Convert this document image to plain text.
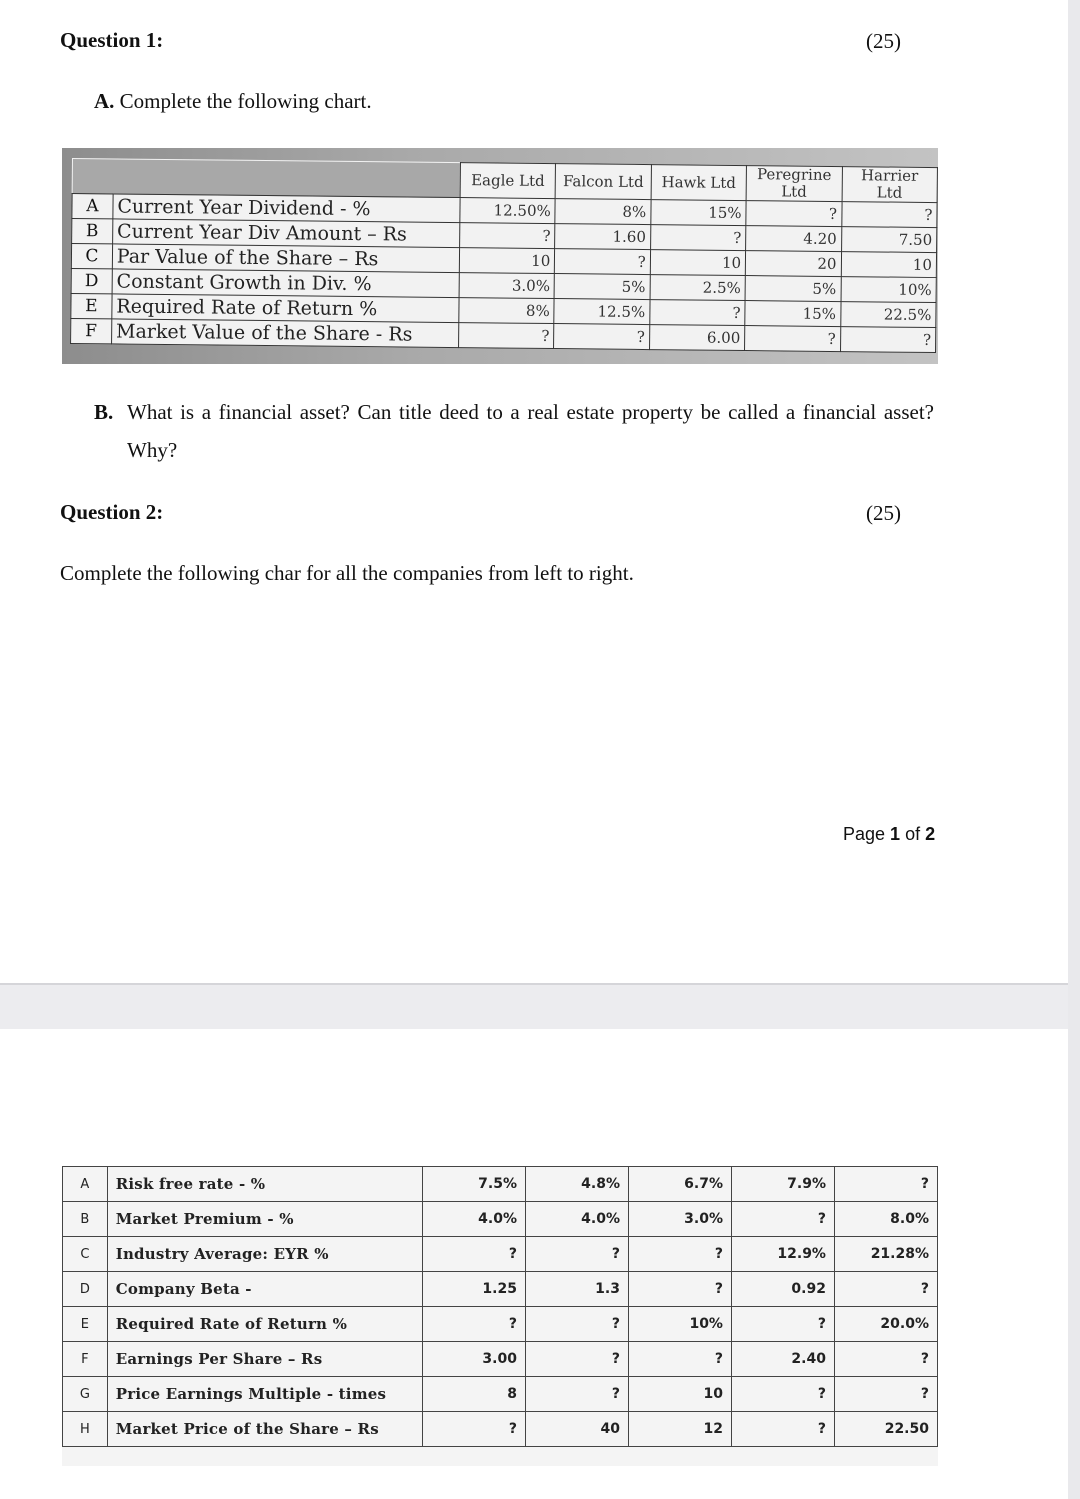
Question 1:	(25)
A. Complete the following chart.
		Eagle Ltd	Falcon Ltd	Hawk Ltd	Peregrine Ltd	Harrier Ltd
A	Current Year Dividend - %	12.50%	8%	15%	?	?
B	Current Year Div Amount – Rs	?	1.60	?	4.20	7.50
C	Par Value of the Share – Rs	10	?	10	20	10
D	Constant Growth in Div. %	3.0%	5%	2.5%	5%	10%
E	Required Rate of Return %	8%	12.5%	?	15%	22.5%
F	Market Value of the Share - Rs	?	?	6.00	?	?
B. What is a financial asset? Can title deed to a real estate property be called a financial asset? Why?
Question 2:	(25)
Complete the following char for all the companies from left to right.
Page 1 of 2
A	Risk free rate - %	7.5%	4.8%	6.7%	7.9%	?
B	Market Premium - %	4.0%	4.0%	3.0%	?	8.0%
C	Industry Average: EYR %	?	?	?	12.9%	21.28%
D	Company Beta -	1.25	1.3	?	0.92	?
E	Required Rate of Return %	?	?	10%	?	20.0%
F	Earnings Per Share – Rs	3.00	?	?	2.40	?
G	Price Earnings Multiple - times	8	?	10	?	?
H	Market Price of the Share – Rs	?	40	12	?	22.50
